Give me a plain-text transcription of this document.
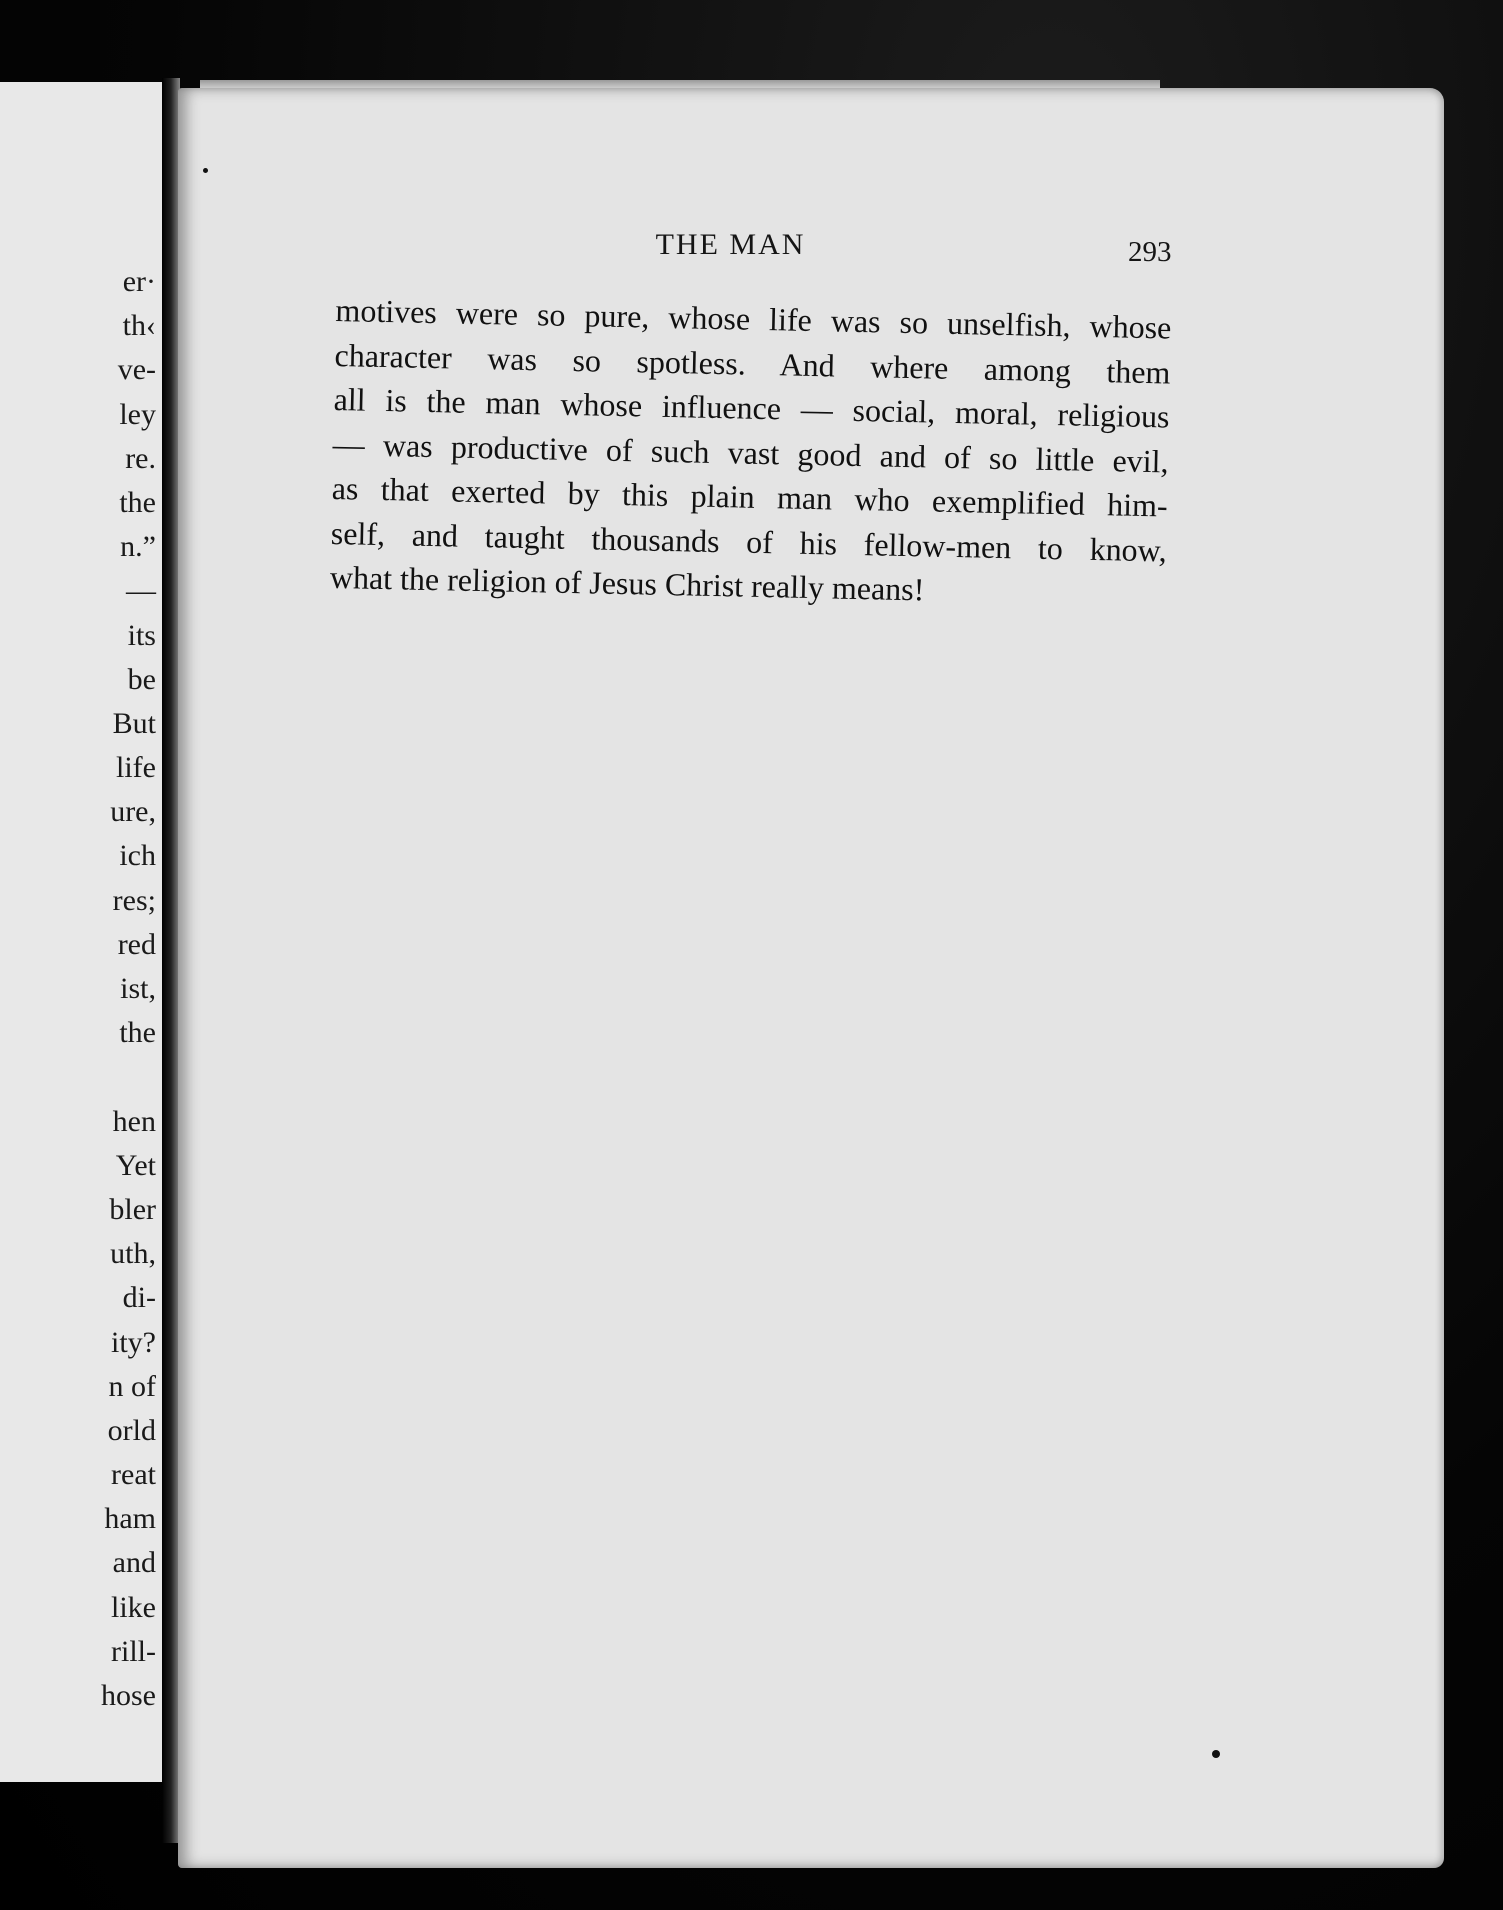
er·
th‹
ve-
ley
re.
the
n.”
—
its
be
But
life
ure,
ich
res;
red
ist,
the
hen
Yet
bler
uth,
di-
ity?
n of
orld
reat
ham
and
like
rill-
hose
THE MAN	293
motives were so pure, whose life was so unselfish, whose
character was so spotless. And where among them
all is the man whose influence — social, moral, religious
— was productive of such vast good and of so little evil,
as that exerted by this plain man who exemplified him-
self, and taught thousands of his fellow-men to know,
what the religion of Jesus Christ really means!
